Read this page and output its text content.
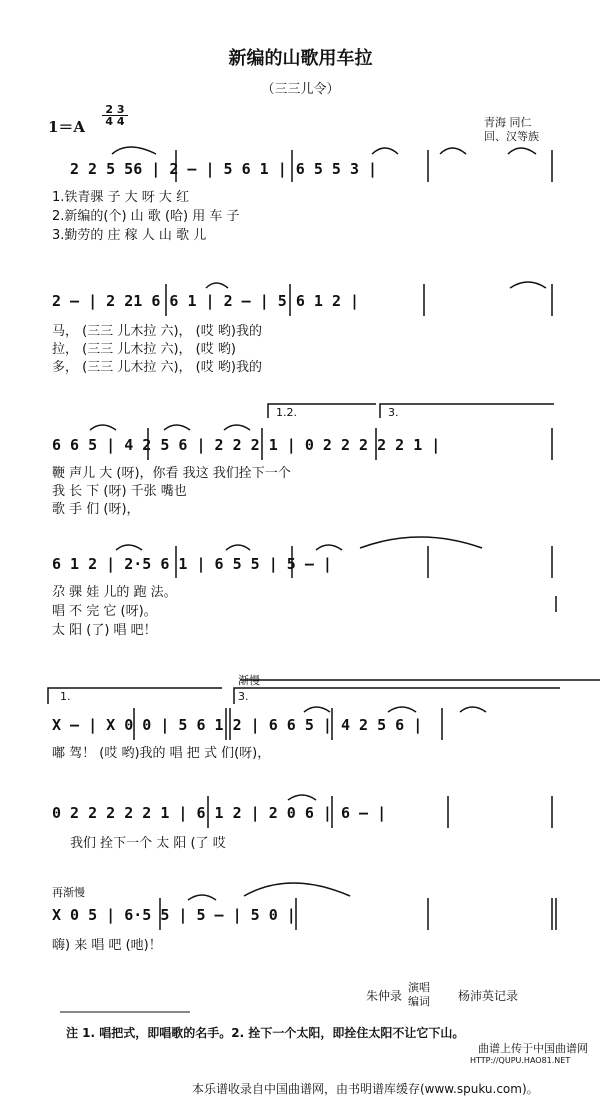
新编的山歌用车拉
（三三儿令）
1＝A
2 3
4 4	青海 同仁
回、汉等族
2 2 5 56 | 2 – | 5 6 1 | 6 5 5 3 |
1.铁青骒 子 大 呀 大 红
2.新编的(个) 山 歌 (哈) 用 车 子
3.勤劳的 庄 稼 人 山 歌 儿
2 – | 2 21 6 6 1 | 2 – | 5 6 1 2 |
马， (三三 儿木拉 六)， (哎 哟)我的
拉， (三三 儿木拉 六)， (哎 哟)
多， (三三 儿木拉 六)， (哎 哟)我的
1.2.	3.
6 6 5 | 4 2 5 6 | 2 2 2 1 | 0 2 2 2 2 2 1 |
鞭 声儿 大 (呀)，你看 我这 我们拴下一个
我 长 下 (呀) 千张 嘴也
歌 手 们 (呀)，
6 1 2 | 2·5 6 1 | 6 5 5 | 5 – |
尕 骒 娃 儿的 跑 法。
唱 不 完 它 (呀)。
太 阳 (了) 唱 吧！
渐慢
1.	3.
X – | X 0 0 | 5 6 1 2 | 6 6 5 | 4 2 5 6 |
嘟 驾！ (哎 哟)我的 唱 把 式 们(呀)，
0 2 2 2 2 2 1 | 6 1 2 | 2 0 6 | 6 – |
我们 拴下一个 太 阳 (了 哎
再渐慢
X 0 5 | 6·5 5 | 5 – | 5 0 |
嗨) 来 唱 吧 (吔)！
朱仲录
演唱
编词 杨沛英记录
注 1. 唱把式，即唱歌的名手。2. 拴下一个太阳，即拴住太阳不让它下山。
曲谱上传于中国曲谱网
HTTP://QUPU.HAO81.NET
本乐谱收录自中国曲谱网，由书明谱库缓存(www.spuku.com)。
